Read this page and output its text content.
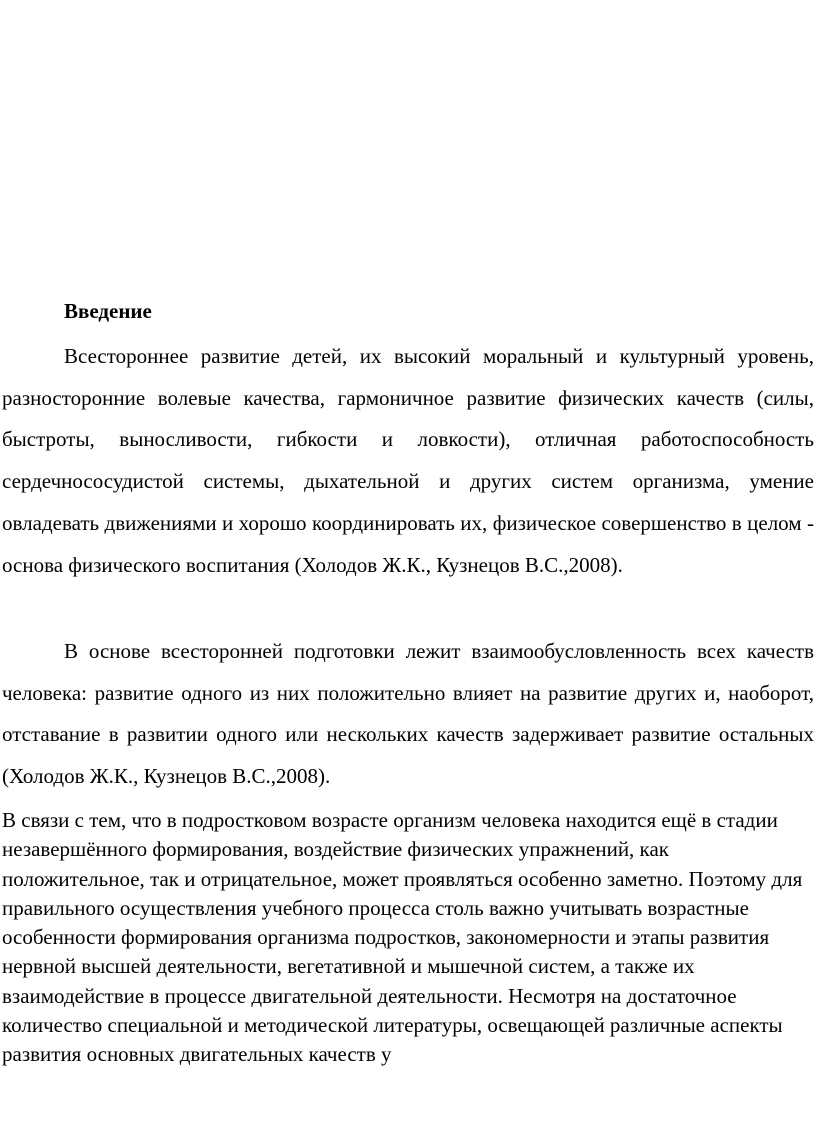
Введение

Всестороннее развитие детей, их высокий моральный и культурный уровень, разносторонние волевые качества, гармоничное развитие физических качеств (силы, быстроты, выносливости, гибкости и ловкости), отличная работоспособность сердечнососудистой системы, дыхательной и других систем организма, умение овладевать движениями и хорошо координировать их, физическое совершенство в целом - основа физического воспитания (Холодов Ж.К., Кузнецов В.С.,2008).

В основе всесторонней подготовки лежит взаимообусловленность всех качеств человека: развитие одного из них положительно влияет на развитие других и, наоборот, отставание в развитии одного или нескольких качеств задерживает развитие остальных (Холодов Ж.К., Кузнецов В.С.,2008).

В связи с тем, что в подростковом возрасте организм человека находится ещё в стадии незавершённого формирования, воздействие физических упражнений, как положительное, так и отрицательное, может проявляться особенно заметно. Поэтому для правильного осуществления учебного процесса столь важно учитывать возрастные особенности формирования организма подростков, закономерности и этапы развития нервной высшей деятельности, вегетативной и мышечной систем, а также их взаимодействие в процессе двигательной деятельности. Несмотря на достаточное количество специальной и методической литературы, освещающей различные аспекты развития основных двигательных качеств у
